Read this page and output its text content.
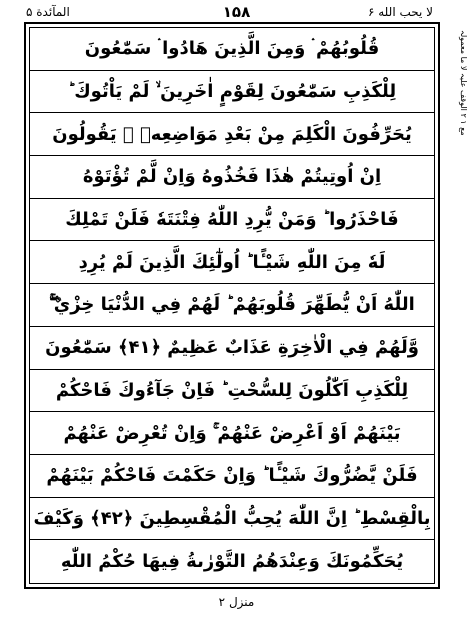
المآئدة ۵	۱۵۸	لا يحب الله ۶
قُلُوبُهُمْ ۛ وَمِنَ الَّذِينَ هَادُوا ۛ سَمّٰعُونَ
لِلْكَذِبِ سَمّٰعُونَ لِقَوْمٍ اٰخَرِينَ ۙ لَمْ يَاْتُوكَ ؕ
يُحَرِّفُونَ الْكَلِمَ مِنْ بَعْدِ مَوَاضِعِهٖ ۚ يَقُولُونَ
اِنْ اُوتِيتُمْ هٰذَا فَخُذُوهُ وَاِنْ لَّمْ تُؤْتَوْهُ
فَاحْذَرُوا ؕ وَمَنْ يُّرِدِ اللّٰهُ فِتْنَتَهٗ فَلَنْ تَمْلِكَ
لَهٗ مِنَ اللّٰهِ شَيْـًٔا ؕ اُولٰٓئِكَ الَّذِينَ لَمْ يُرِدِ
اللّٰهُ اَنْ يُّطَهِّرَ قُلُوبَهُمْ ؕ لَهُمْ فِي الدُّنْيَا خِزْيٌ ۖۚ
وَّلَهُمْ فِي الْاٰخِرَةِ عَذَابٌ عَظِيمٌ ﴿۴۱﴾ سَمّٰعُونَ
لِلْكَذِبِ اَكّٰلُونَ لِلسُّحْتِ ؕ فَاِنْ جَآءُوكَ فَاحْكُمْ
بَيْنَهُمْ اَوْ اَعْرِضْ عَنْهُمْ ۚ وَاِنْ تُعْرِضْ عَنْهُمْ
فَلَنْ يَّضُرُّوكَ شَيْـًٔا ؕ وَاِنْ حَكَمْتَ فَاحْكُمْ بَيْنَهُمْ
بِالْقِسْطِ ؕ اِنَّ اللّٰهَ يُحِبُّ الْمُقْسِطِينَ ﴿۴۲﴾ وَكَيْفَ
يُحَكِّمُونَكَ وَعِنْدَهُمُ التَّوْرٰىةُ فِيهَا حُكْمُ اللّٰهِ
مع ۱ ۲ الوقف علیہ لا ما معمولہ
منزل ۲
